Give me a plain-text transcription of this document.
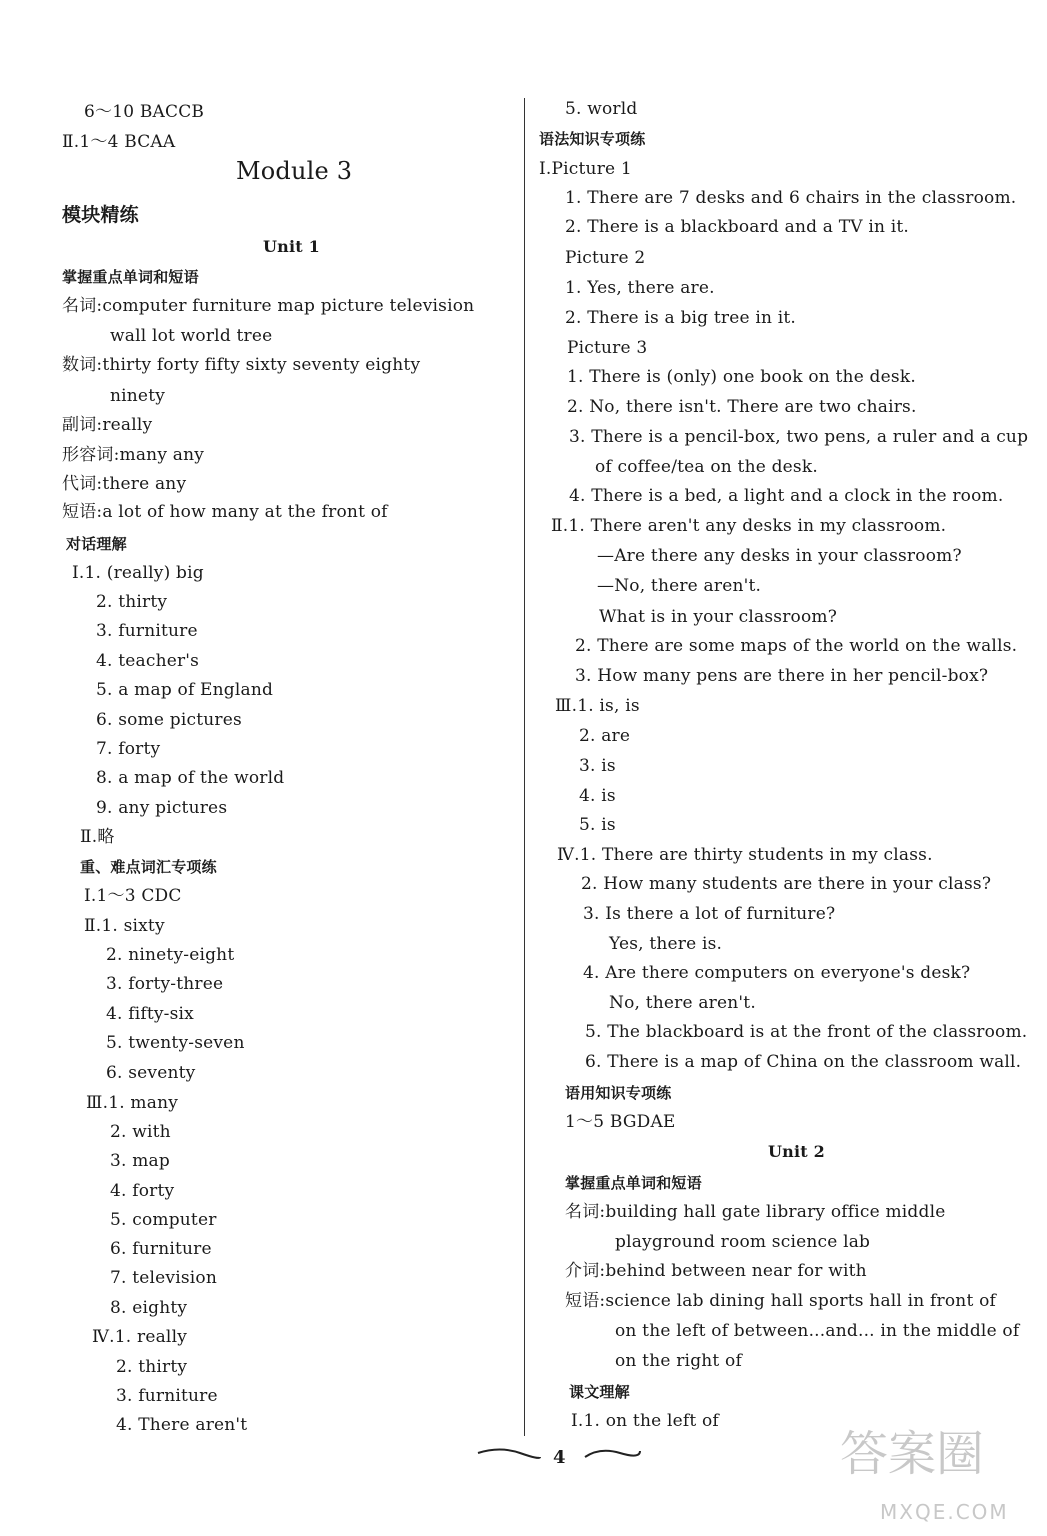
6～10 BACCB
Ⅱ.1～4 BCAA
Module 3
模块精练
Unit 1
掌握重点单词和短语
名词:computer furniture map picture television
wall lot world tree
数词:thirty forty fifty sixty seventy eighty
ninety
副词:really
形容词:many any
代词:there any
短语:a lot of how many at the front of
对话理解
Ⅰ.1. (really) big
2. thirty
3. furniture
4. teacher's
5. a map of England
6. some pictures
7. forty
8. a map of the world
9. any pictures
Ⅱ.略
重、难点词汇专项练
Ⅰ.1～3 CDC
Ⅱ.1. sixty
2. ninety-eight
3. forty-three
4. fifty-six
5. twenty-seven
6. seventy
Ⅲ.1. many
2. with
3. map
4. forty
5. computer
6. furniture
7. television
8. eighty
Ⅳ.1. really
2. thirty
3. furniture
4. There aren't
5. world
语法知识专项练
Ⅰ.Picture 1
1. There are 7 desks and 6 chairs in the classroom.
2. There is a blackboard and a TV in it.
Picture 2
1. Yes, there are.
2. There is a big tree in it.
Picture 3
1. There is (only) one book on the desk.
2. No, there isn't. There are two chairs.
3. There is a pencil-box, two pens, a ruler and a cup
of coffee/tea on the desk.
4. There is a bed, a light and a clock in the room.
Ⅱ.1. There aren't any desks in my classroom.
—Are there any desks in your classroom?
—No, there aren't.
What is in your classroom?
2. There are some maps of the world on the walls.
3. How many pens are there in her pencil-box?
Ⅲ.1. is, is
2. are
3. is
4. is
5. is
Ⅳ.1. There are thirty students in my class.
2. How many students are there in your class?
3. Is there a lot of furniture?
Yes, there is.
4. Are there computers on everyone's desk?
No, there aren't.
5. The blackboard is at the front of the classroom.
6. There is a map of China on the classroom wall.
语用知识专项练
1～5 BGDAE
Unit 2
掌握重点单词和短语
名词:building hall gate library office middle
playground room science lab
介词:behind between near for with
短语:science lab dining hall sports hall in front of
on the left of between...and... in the middle of
on the right of
课文理解
Ⅰ.1. on the left of
4	答案圈
MXQE.COM
